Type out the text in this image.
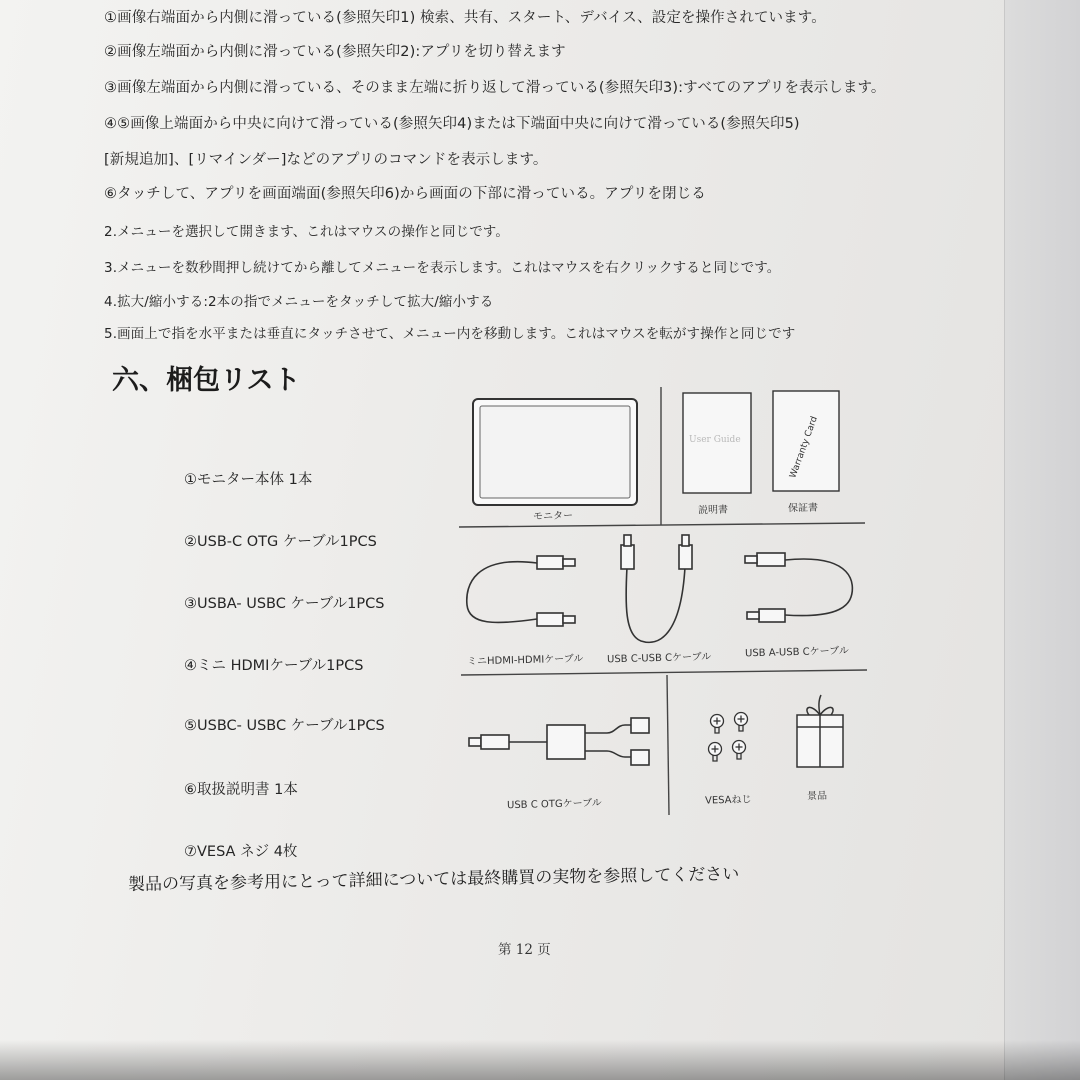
①画像右端面から内側に滑っている(参照矢印1) 検索、共有、スタート、デバイス、設定を操作されています。
②画像左端面から内側に滑っている(参照矢印2):アプリを切り替えます
③画像左端面から内側に滑っている、そのまま左端に折り返して滑っている(参照矢印3):すべてのアプリを表示します。
④⑤画像上端面から中央に向けて滑っている(参照矢印4)または下端面中央に向けて滑っている(参照矢印5)
[新規追加]、[リマインダー]などのアプリのコマンドを表示します。
⑥タッチして、アプリを画面端面(参照矢印6)から画面の下部に滑っている。アプリを閉じる
2.メニューを選択して開きます、これはマウスの操作と同じです。
3.メニューを数秒間押し続けてから離してメニューを表示します。これはマウスを右クリックすると同じです。
4.拡大/縮小する:2本の指でメニューをタッチして拡大/縮小する
5.画面上で指を水平または垂直にタッチさせて、メニュー内を移動します。これはマウスを転がす操作と同じです
六、梱包リスト
①モニター本体 1本
②USB-C OTG ケーブル1PCS
③USBA- USBC ケーブル1PCS
④ミニ HDMIケーブル1PCS
⑤USBC- USBC ケーブル1PCS
⑥取扱説明書 1本
⑦VESA ネジ 4枚
User Guide	Warranty Card
モニター	説明書	保証書
ミニHDMI-HDMIケーブル USB C-USB Cケーブル	USB A-USB Cケーブル
USB C OTGケーブル	VESAねじ	景品
製品の写真を参考用にとって詳細については最終購買の実物を参照してください
第 12 页
